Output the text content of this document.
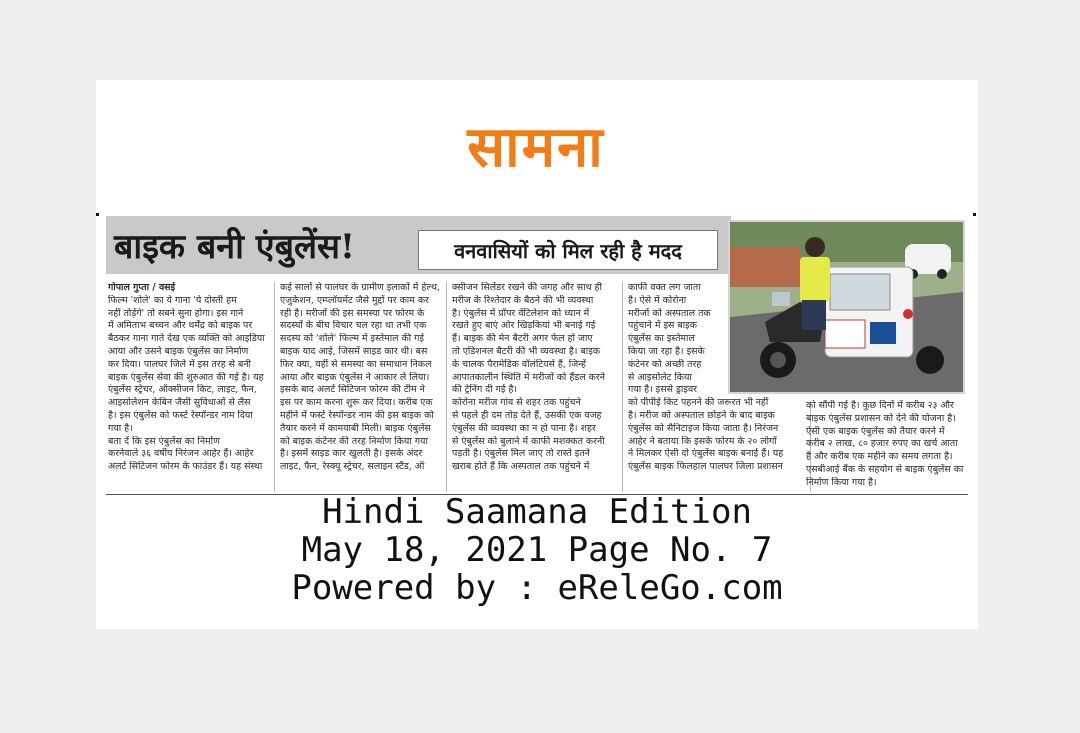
सामना
बाइक बनी एंबुलेंस!	वनवासियों को मिल रही है मदद
गोपाल गुप्ता / वसई
फिल्म 'शोले' का ये गाना 'ये दोस्ती हम
नहीं तोड़ेंगे' तो सबने सुना होगा। इस गाने
में अमिताभ बच्चन और धर्मेंद्र को बाइक पर
बैठकर गाना गाते देख एक व्यक्ति को आइडिया
आया और उसने बाइक एंबुलेंस का निर्माण
कर दिया। पालघर जिले में इस तरह से बनी
बाइक एंबुलेंस सेवा की शुरुआत की गई है। यह
एंबुलेंस स्ट्रेचर, ऑक्सीजन किट, लाइट, फैन,
आइसोलेशन केबिन जैसी सुविधाओं से लैस
है। इस एंबुलेंस को फर्स्ट रेस्पॉन्डर नाम दिया
गया है।
बता दें कि इस एंबुलेंस का निर्माण
करनेवाले ३६ वर्षीय निरंजन आहेर हैं। आहेर
अलर्ट सिटिजन फोरम के फाउंडर हैं। यह संस्था
कई सालों से पालघर के ग्रामीण इलाकों में हेल्थ,
एजुकेशन, एम्प्लॉयमेंट जैसे मुद्दों पर काम कर
रही है। मरीजों की इस समस्या पर फोरम के
सदस्यों के बीच विचार चल रहा था तभी एक
सदस्य को 'शोले' फिल्म में इस्तेमाल की गई
बाइक याद आई, जिसमें साइड कार थी। बस
फिर क्या, यहीं से समस्या का समाधान निकल
आया और बाइक एंबुलेंस ने आकार ले लिया।
इसके बाद अलर्ट सिटिजन फोरम की टीम ने
इस पर काम करना शुरू कर दिया। करीब एक
महीने में फर्स्ट रेस्पॉन्डर नाम की इस बाइक को
तैयार करने में कामयाबी मिली। बाइक एंबुलेंस
को बाइक कंटेनर की तरह निर्माण किया गया
है। इसमें साइड कार खुलती है। इसके अंदर
लाइट, फैन, रेस्क्यू स्ट्रेचर, सलाइन स्टैंड, ऑ
क्सीजन सिलेंडर रखने की जगह और साथ ही
मरीज के रिश्तेदार के बैठने की भी व्यवस्था
है। एंबुलेंस में प्रॉपर वेंटिलेशन को ध्यान में
रखते हुए बाएं ओर खिड़कियां भी बनाई गई
हैं। बाइक की मेन बैटरी अगर फेल हो जाए
तो एडिशनल बैटरी की भी व्यवस्था है। बाइक
के चालक पैरामेडिक वॉलंटियर्स हैं, जिन्हें
आपातकालीन स्थिति में मरीजों को हैंडल करने
की ट्रेनिंग दी गई है।
कोरोना मरीज गांव से शहर तक पहुंचने
से पहले ही दम तोड़ देते हैं, उसकी एक वजह
एंबुलेंस की व्यवस्था का न हो पाना है। शहर
से एंबुलेंस को बुलाने में काफी मशक्कत करनी
पड़ती है। एंबुलेंस मिल जाए तो रास्ते इतने
खराब होते हैं कि अस्पताल तक पहुंचने में
काफी वक्त लग जाता
है। ऐसे में कोरोना
मरीजों को अस्पताल तक
पहुंचाने में इस बाइक
एंबुलेंस का इस्तेमाल
किया जा रहा है। इसके
कंटेनर को अच्छी तरह
से आइसोलेट किया
गया है। इससे ड्राइवर
को पीपीई किट पहनने की जरूरत भी नहीं
है। मरीज को अस्पताल छोड़ने के बाद बाइक
एंबुलेंस को सैनिटाइज किया जाता है। निरंजन
आहेर ने बताया कि इसके फोरम के २० लोगों
ने मिलकर ऐसी दो एंबुलेंस बाइक बनाई हैं। यह
एंबुलेंस बाइक फिलहाल पालघर जिला प्रशासन
को सौंपी गई है। कुछ दिनों में करीब २३ और
बाइक एंबुलेंस प्रशासन को देने की योजना है।
ऐसी एक बाइक एंबुलेंस को तैयार करने में
करीब २ लाख, ८० हजार रुपए का खर्च आता
है और करीब एक महीने का समय लगता है।
एसबीआई बैंक के सहयोग से बाइक एंबुलेंस का
निर्माण किया गया है।
Hindi Saamana Edition
May 18, 2021 Page No. 7
Powered by : eReleGo.com
